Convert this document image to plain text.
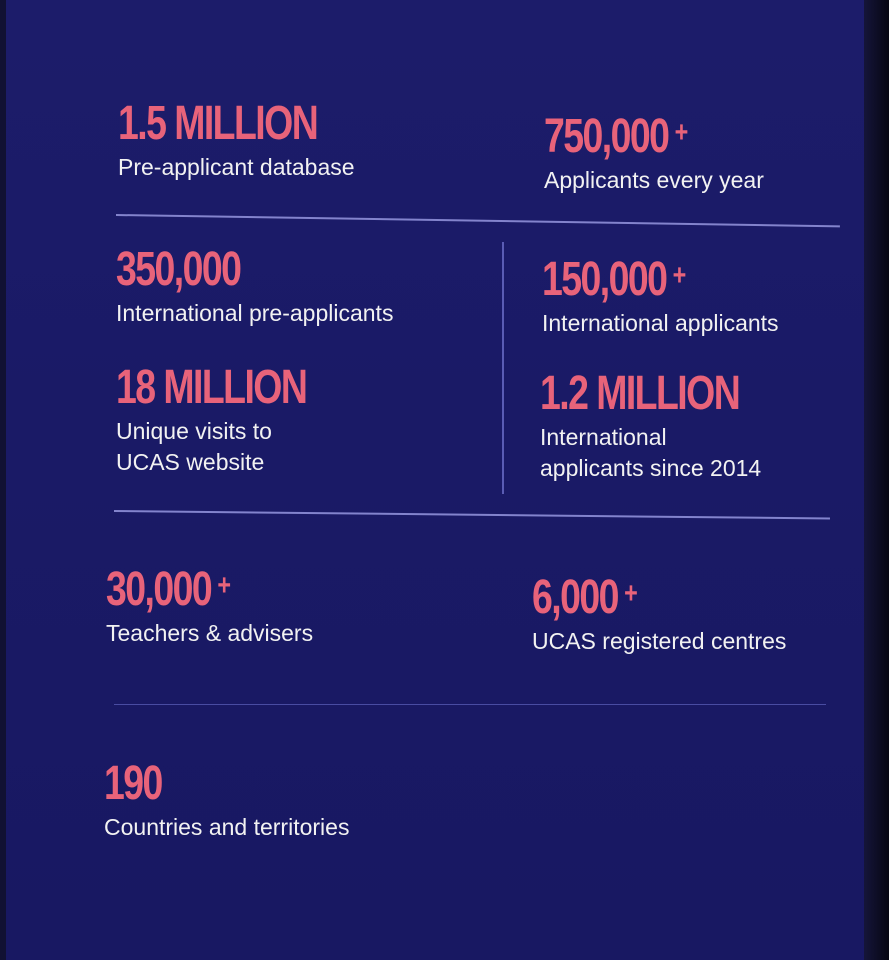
1.5 MILLION
Pre-applicant database
750,000 +
Applicants every year
350,000
International pre-applicants
150,000 +
International applicants
18 MILLION
Unique visits to
UCAS website
1.2 MILLION
International
applicants since 2014
30,000 +
Teachers & advisers
6,000 +
UCAS registered centres
190
Countries and territories
